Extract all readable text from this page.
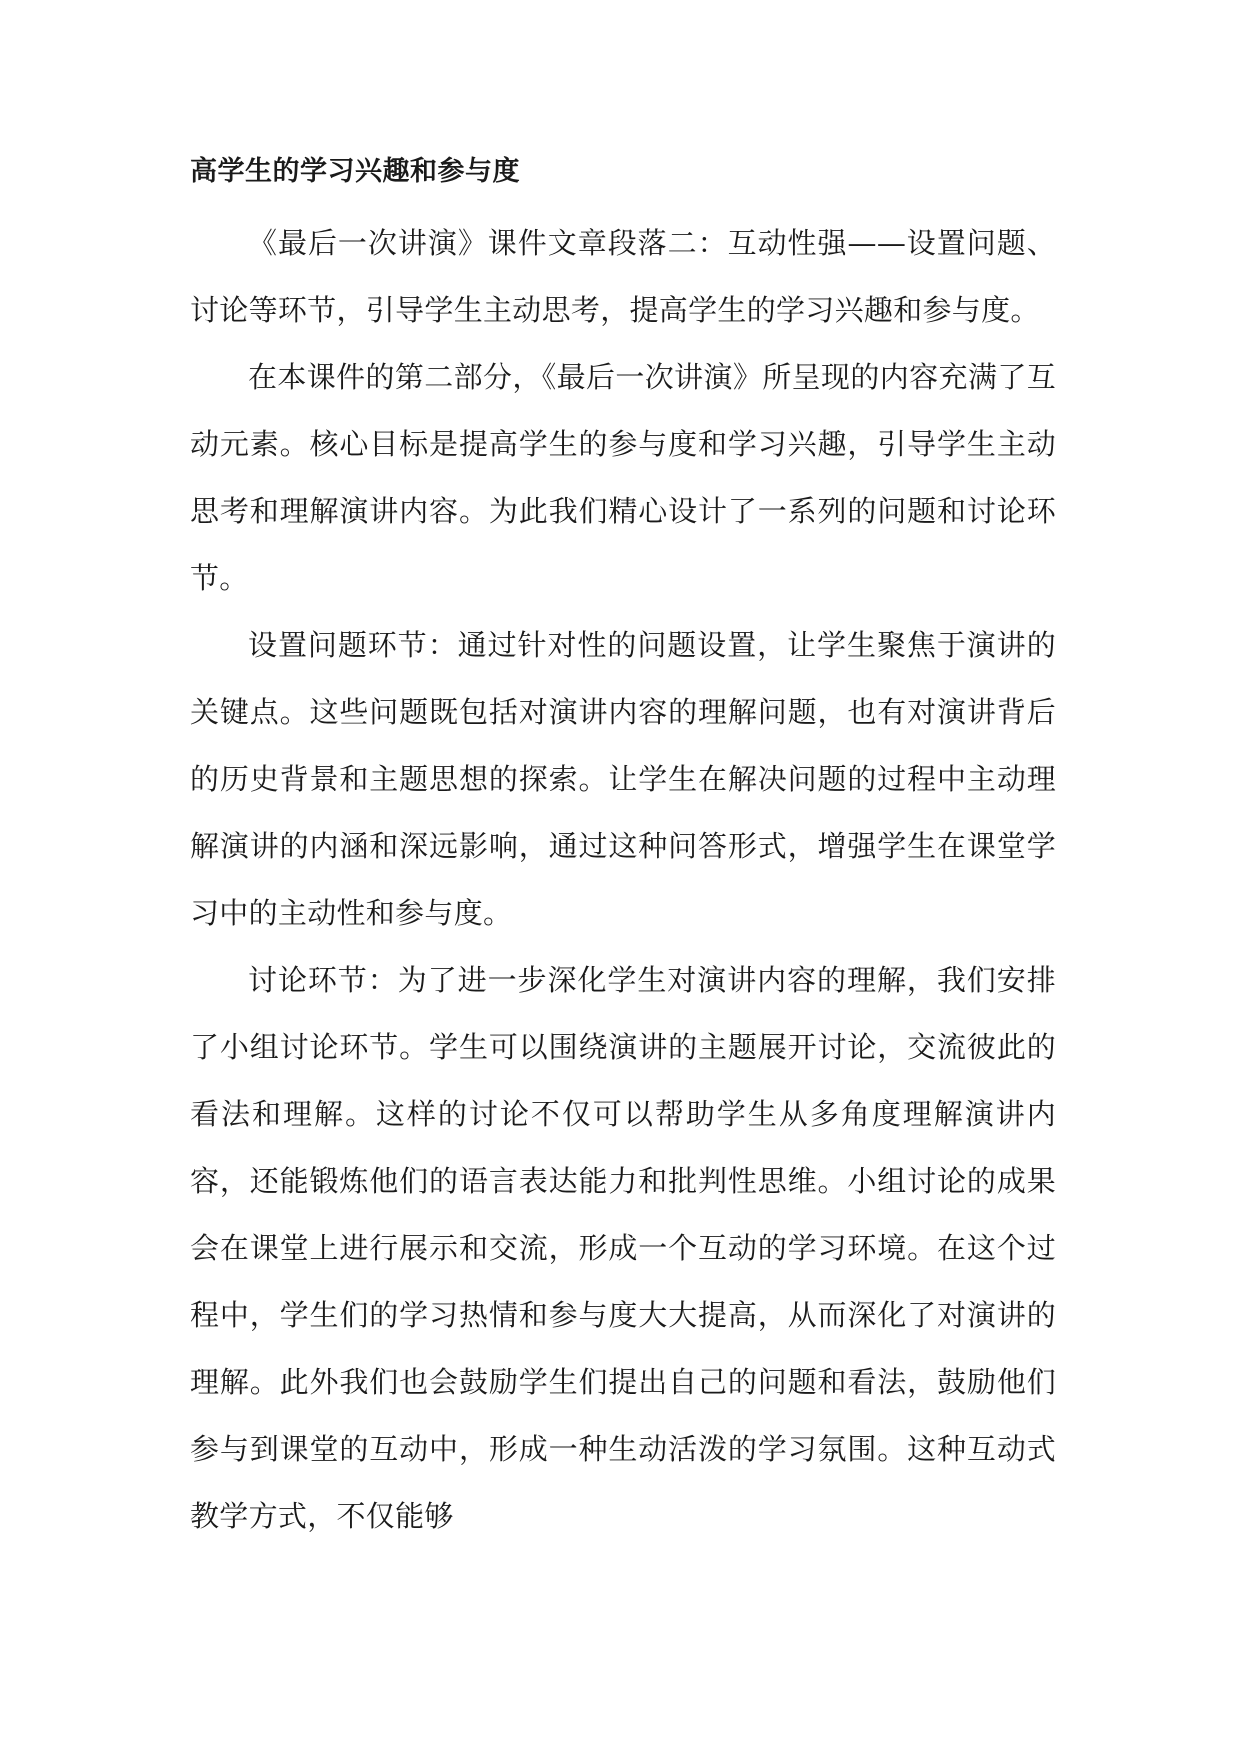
高学生的学习兴趣和参与度

《最后一次讲演》课件文章段落二：互动性强——设置问题、讨论等环节，引导学生主动思考，提高学生的学习兴趣和参与度。

在本课件的第二部分，《最后一次讲演》所呈现的内容充满了互动元素。核心目标是提高学生的参与度和学习兴趣，引导学生主动思考和理解演讲内容。为此我们精心设计了一系列的问题和讨论环节。

设置问题环节：通过针对性的问题设置，让学生聚焦于演讲的关键点。这些问题既包括对演讲内容的理解问题，也有对演讲背后的历史背景和主题思想的探索。让学生在解决问题的过程中主动理解演讲的内涵和深远影响，通过这种问答形式，增强学生在课堂学习中的主动性和参与度。

讨论环节：为了进一步深化学生对演讲内容的理解，我们安排了小组讨论环节。学生可以围绕演讲的主题展开讨论，交流彼此的看法和理解。这样的讨论不仅可以帮助学生从多角度理解演讲内容，还能锻炼他们的语言表达能力和批判性思维。小组讨论的成果会在课堂上进行展示和交流，形成一个互动的学习环境。在这个过程中，学生们的学习热情和参与度大大提高，从而深化了对演讲的理解。此外我们也会鼓励学生们提出自己的问题和看法，鼓励他们参与到课堂的互动中，形成一种生动活泼的学习氛围。这种互动式教学方式，不仅能够
